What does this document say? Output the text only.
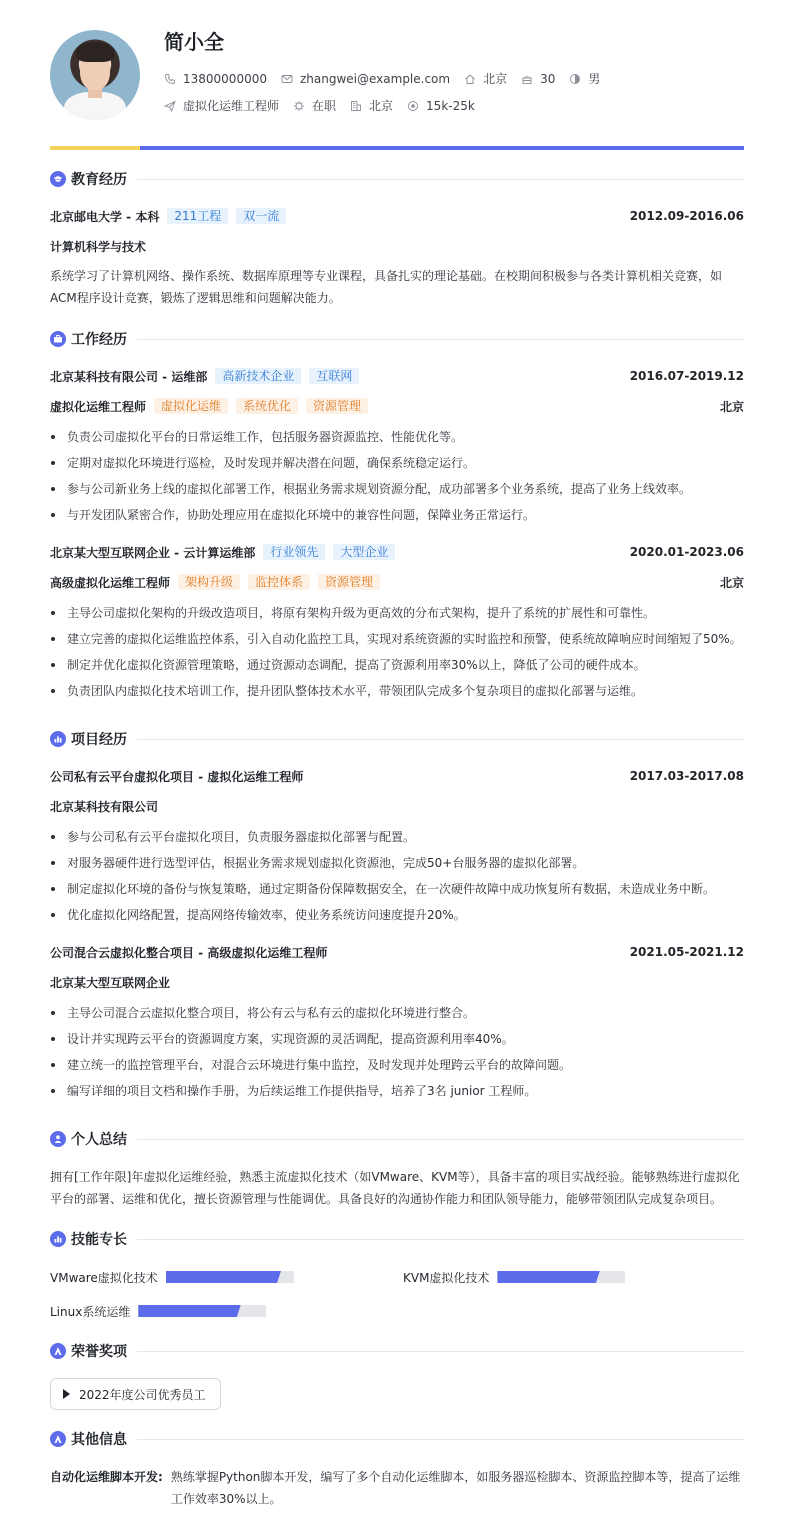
简小全
13800000000	zhangwei@example.com	北京	30	男
虚拟化运维工程师	在职	北京	15k-25k
教育经历
北京邮电大学 - 本科	211工程	双一流	2012.09-2016.06
计算机科学与技术
系统学习了计算机网络、操作系统、数据库原理等专业课程，具备扎实的理论基础。在校期间积极参与各类计算机相关竞赛，如ACM程序设计竞赛，锻炼了逻辑思维和问题解决能力。
工作经历
北京某科技有限公司 - 运维部	高新技术企业	互联网	2016.07-2019.12
虚拟化运维工程师	虚拟化运维	系统优化	资源管理	北京
负责公司虚拟化平台的日常运维工作，包括服务器资源监控、性能优化等。
定期对虚拟化环境进行巡检，及时发现并解决潜在问题，确保系统稳定运行。
参与公司新业务上线的虚拟化部署工作，根据业务需求规划资源分配，成功部署多个业务系统，提高了业务上线效率。
与开发团队紧密合作，协助处理应用在虚拟化环境中的兼容性问题，保障业务正常运行。
北京某大型互联网企业 - 云计算运维部	行业领先	大型企业	2020.01-2023.06
高级虚拟化运维工程师	架构升级	监控体系	资源管理	北京
主导公司虚拟化架构的升级改造项目，将原有架构升级为更高效的分布式架构，提升了系统的扩展性和可靠性。
建立完善的虚拟化运维监控体系，引入自动化监控工具，实现对系统资源的实时监控和预警，使系统故障响应时间缩短了50%。
制定并优化虚拟化资源管理策略，通过资源动态调配，提高了资源利用率30%以上，降低了公司的硬件成本。
负责团队内虚拟化技术培训工作，提升团队整体技术水平，带领团队完成多个复杂项目的虚拟化部署与运维。
项目经历
公司私有云平台虚拟化项目 - 虚拟化运维工程师	2017.03-2017.08
北京某科技有限公司
参与公司私有云平台虚拟化项目，负责服务器虚拟化部署与配置。
对服务器硬件进行选型评估，根据业务需求规划虚拟化资源池，完成50+台服务器的虚拟化部署。
制定虚拟化环境的备份与恢复策略，通过定期备份保障数据安全，在一次硬件故障中成功恢复所有数据，未造成业务中断。
优化虚拟化网络配置，提高网络传输效率，使业务系统访问速度提升20%。
公司混合云虚拟化整合项目 - 高级虚拟化运维工程师	2021.05-2021.12
北京某大型互联网企业
主导公司混合云虚拟化整合项目，将公有云与私有云的虚拟化环境进行整合。
设计并实现跨云平台的资源调度方案，实现资源的灵活调配，提高资源利用率40%。
建立统一的监控管理平台，对混合云环境进行集中监控，及时发现并处理跨云平台的故障问题。
编写详细的项目文档和操作手册，为后续运维工作提供指导，培养了3名 junior 工程师。
个人总结
拥有[工作年限]年虚拟化运维经验，熟悉主流虚拟化技术（如VMware、KVM等），具备丰富的项目实战经验。能够熟练进行虚拟化平台的部署、运维和优化，擅长资源管理与性能调优。具备良好的沟通协作能力和团队领导能力，能够带领团队完成复杂项目。
技能专长
VMware虚拟化技术	KVM虚拟化技术
Linux系统运维
荣誉奖项
2022年度公司优秀员工
其他信息
自动化运维脚本开发: 熟练掌握Python脚本开发，编写了多个自动化运维脚本，如服务器巡检脚本、资源监控脚本等，提高了运维工作效率30%以上。
